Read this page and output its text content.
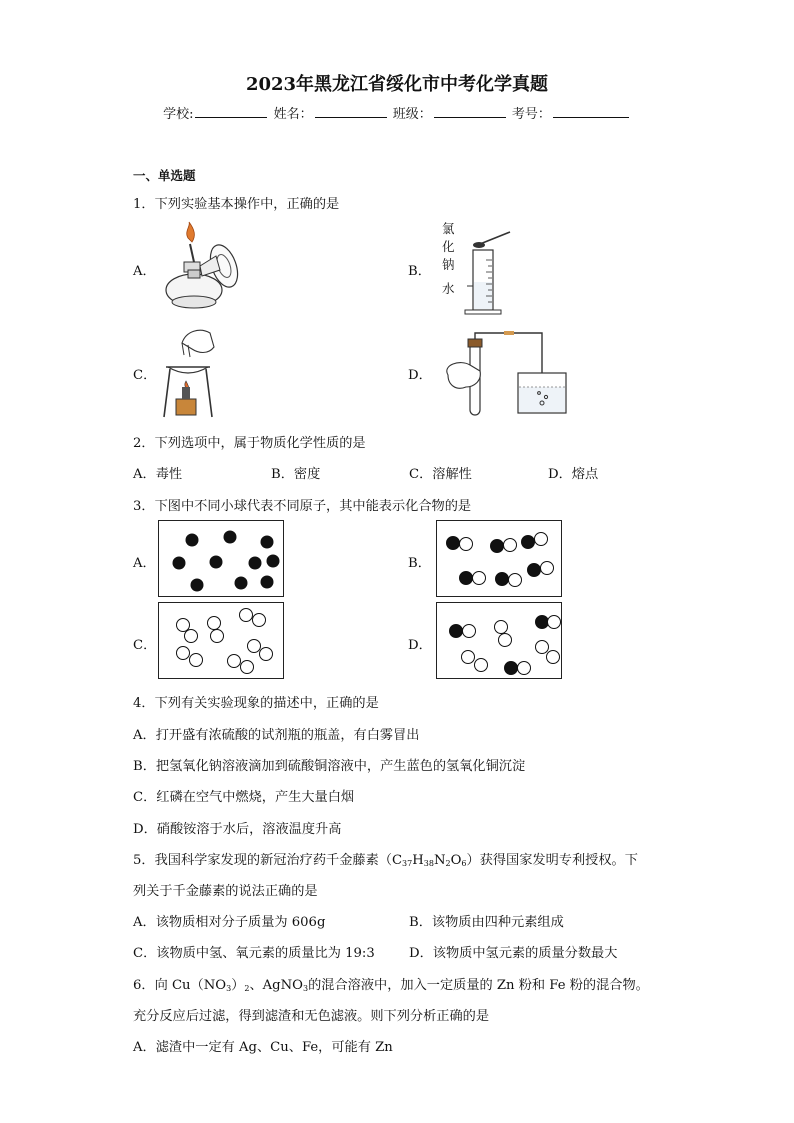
2023年黑龙江省绥化市中考化学真题
学校:	姓名：	班级：	考号：
一、单选题
1．下列实验基本操作中，正确的是
A．	B．
氯
化
钠
水
C．	D．
2．下列选项中，属于物质化学性质的是
A．毒性	B．密度	C．溶解性	D．熔点
3．下图中不同小球代表不同原子，其中能表示化合物的是
A．	B．
C．	D．
4．下列有关实验现象的描述中，正确的是
A．打开盛有浓硫酸的试剂瓶的瓶盖，有白雾冒出
B．把氢氧化钠溶液滴加到硫酸铜溶液中，产生蓝色的氢氧化铜沉淀
C．红磷在空气中燃烧，产生大量白烟
D．硝酸铵溶于水后，溶液温度升高
5．我国科学家发现的新冠治疗药千金藤素$(C_{37}H_{38}N_2O_6)$获得国家发明专利授权。下
列关于千金藤素的说法正确的是
A．该物质相对分子质量为 606g	B．该物质由四种元素组成
C．该物质中氢、氧元素的质量比为 19:3	D．该物质中氢元素的质量分数最大
6．向 $Cu(NO_3)_2$、AgNO$_3$的混合溶液中，加入一定质量的 Zn 粉和 Fe 粉的混合物。
充分反应后过滤，得到滤渣和无色滤液。则下列分析正确的是
A．滤渣中一定有 Ag、Cu、Fe，可能有 Zn
